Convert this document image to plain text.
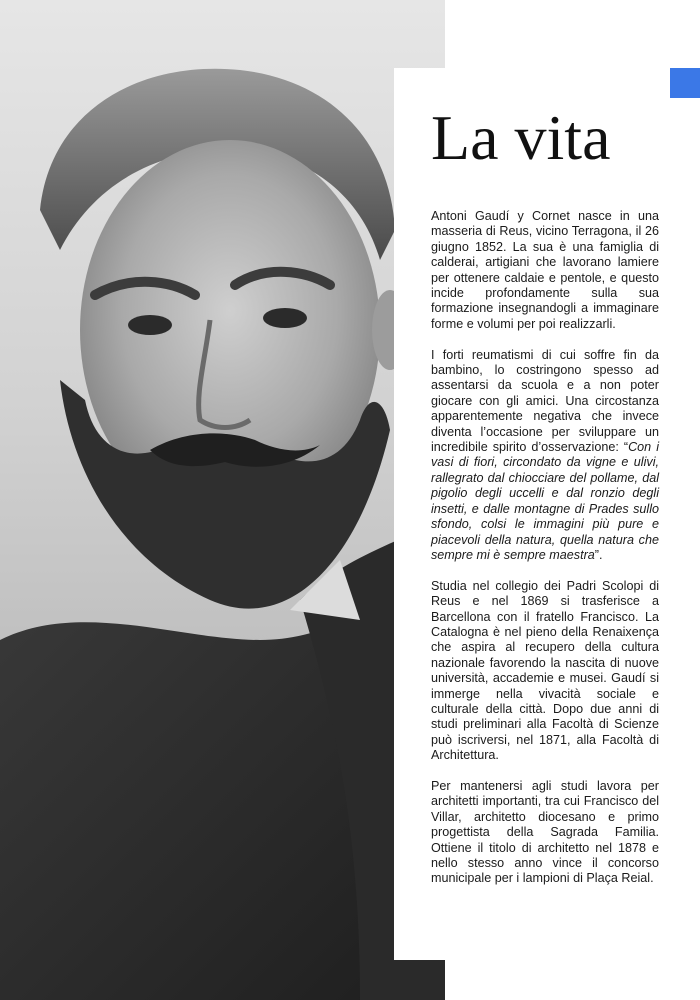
La vita

Antoni Gaudí y Cornet nasce in una masseria di Reus, vicino Terragona, il 26 giugno 1852. La sua è una famiglia di calderai, artigiani che lavorano lamiere per ottenere caldaie e pentole, e questo incide profondamente sulla sua formazione insegnandogli a immaginare forme e volumi per poi realizzarli.

I forti reumatismi di cui soffre fin da bambino, lo costringono spesso ad assentarsi da scuola e a non poter giocare con gli amici. Una circostanza apparentemente negativa che invece diventa l’occasione per sviluppare un incredibile spirito d’osservazione: “Con i vasi di fiori, circondato da vigne e ulivi, rallegrato dal chiocciare del pollame, dal pigolio degli uccelli e dal ronzio degli insetti, e dalle montagne di Prades sullo sfondo, colsi le immagini più pure e piacevoli della natura, quella natura che sempre mi è sempre maestra”.

Studia nel collegio dei Padri Scolopi di Reus e nel 1869 si trasferisce a Barcellona con il fratello Francisco. La Catalogna è nel pieno della Renaixença che aspira al recupero della cultura nazionale favorendo la nascita di nuove università, accademie e musei. Gaudí si immerge nella vivacità sociale e culturale della città. Dopo due anni di studi preliminari alla Facoltà di Scienze può iscriversi, nel 1871, alla Facoltà di Architettura.

Per mantenersi agli studi lavora per architetti importanti, tra cui Francisco del Villar, architetto diocesano e primo progettista della Sagrada Familia. Ottiene il titolo di architetto nel 1878 e nello stesso anno vince il concorso municipale per i lampioni di Plaça Reial.
